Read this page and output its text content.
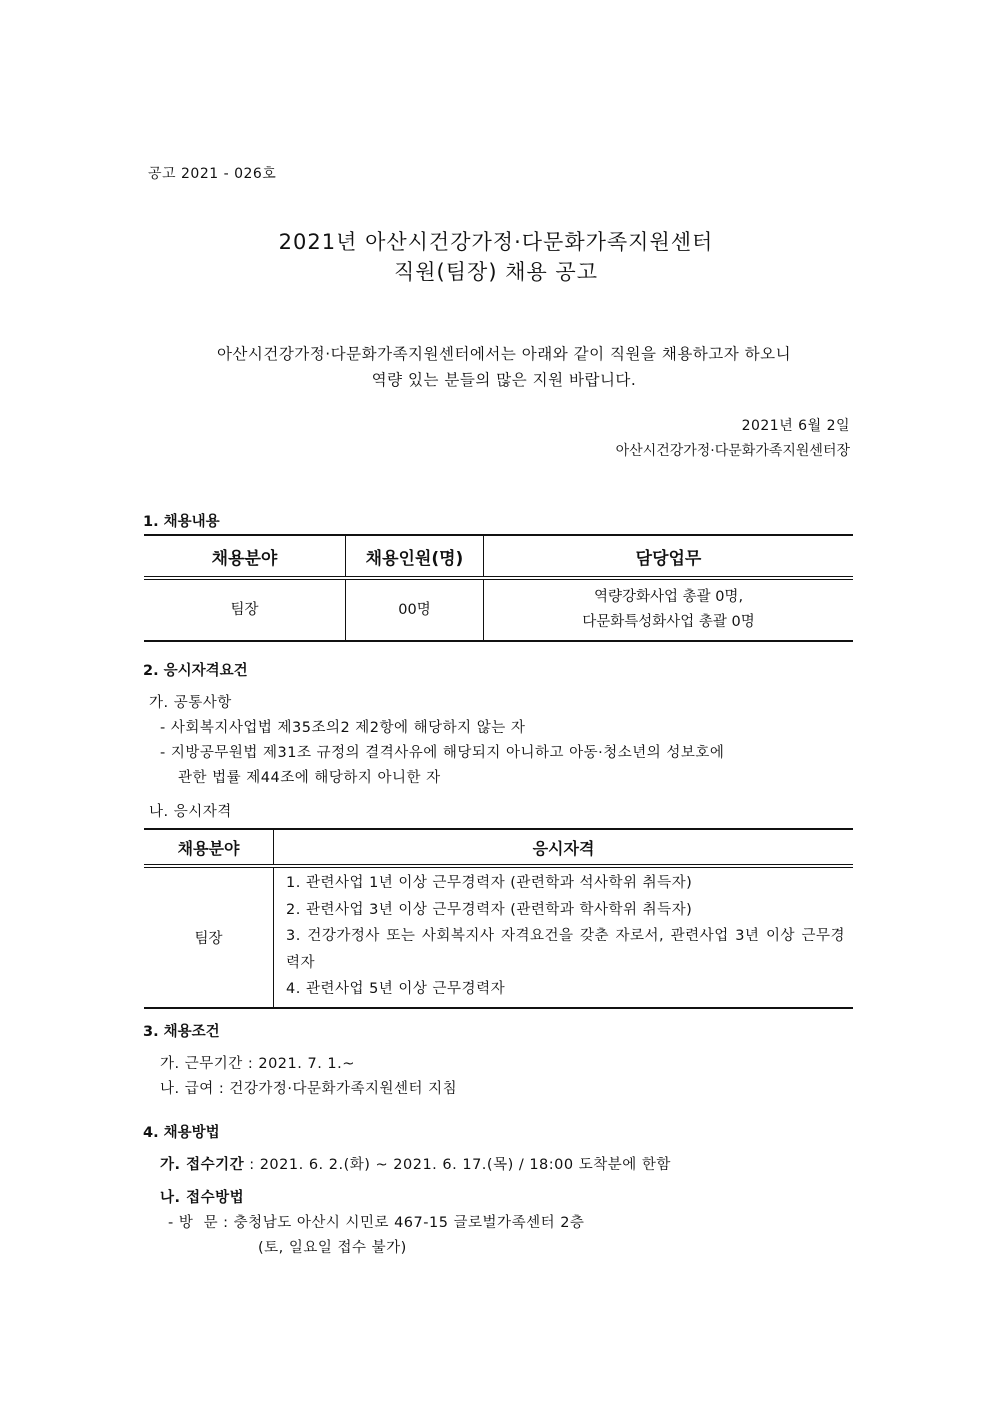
공고 2021 - 026호
2021년 아산시건강가정·다문화가족지원센터
직원(팀장) 채용 공고
아산시건강가정·다문화가족지원센터에서는 아래와 같이 직원을 채용하고자 하오니
역량 있는 분들의 많은 지원 바랍니다.
2021년 6월 2일
아산시건강가정·다문화가족지원센터장
1. 채용내용
채용분야	채용인원(명)	담당업무
팀장	00명	역량강화사업 총괄 0명,
다문화특성화사업 총괄 0명
2. 응시자격요건
가. 공통사항
- 사회복지사업법 제35조의2 제2항에 해당하지 않는 자
- 지방공무원법 제31조 규정의 결격사유에 해당되지 아니하고 아동·청소년의 성보호에
관한 법률 제44조에 해당하지 아니한 자
나. 응시자격
채용분야	응시자격
팀장	1. 관련사업 1년 이상 근무경력자 (관련학과 석사학위 취득자)
2. 관련사업 3년 이상 근무경력자 (관련학과 학사학위 취득자)
3. 건강가정사 또는 사회복지사 자격요건을 갖춘 자로서, 관련사업 3년 이상 근무경력자
4. 관련사업 5년 이상 근무경력자
3. 채용조건
가. 근무기간 : 2021. 7. 1.~
나. 급여 : 건강가정·다문화가족지원센터 지침
4. 채용방법
가. 접수기간 : 2021. 6. 2.(화) ~ 2021. 6. 17.(목) / 18:00 도착분에 한함
나. 접수방법
- 방  문 : 충청남도 아산시 시민로 467-15 글로벌가족센터 2층
(토, 일요일 접수 불가)
